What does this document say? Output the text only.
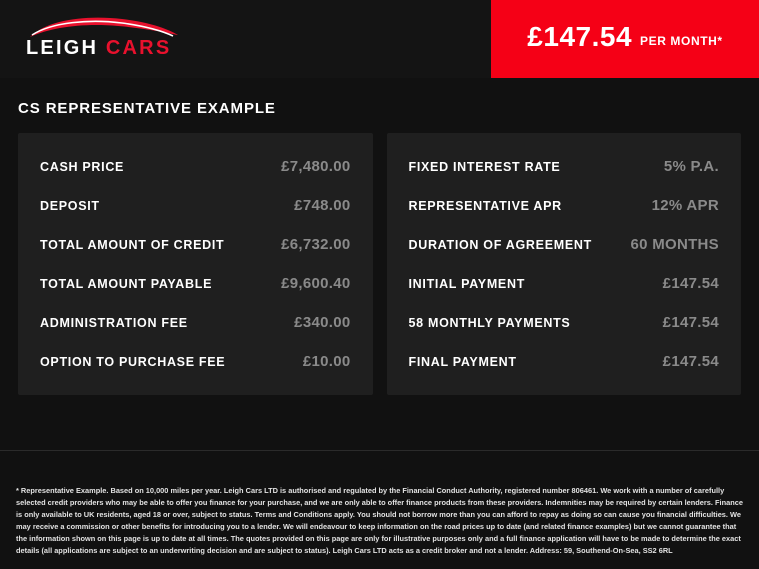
LEIGH CARS	£147.54 PER MONTH*
CS REPRESENTATIVE EXAMPLE
CASH PRICE	£7,480.00
DEPOSIT	£748.00
TOTAL AMOUNT OF CREDIT	£6,732.00
TOTAL AMOUNT PAYABLE	£9,600.40
ADMINISTRATION FEE	£340.00
OPTION TO PURCHASE FEE	£10.00
FIXED INTEREST RATE	5% P.A.
REPRESENTATIVE APR	12% APR
DURATION OF AGREEMENT	60 MONTHS
INITIAL PAYMENT	£147.54
58 MONTHLY PAYMENTS	£147.54
FINAL PAYMENT	£147.54
* Representative Example. Based on 10,000 miles per year. Leigh Cars LTD is authorised and regulated by the Financial Conduct Authority, registered number 806461. We work with a number of carefully selected credit providers who may be able to offer you finance for your purchase, and we are only able to offer finance products from these providers. Indemnities may be required by certain lenders. Finance is only available to UK residents, aged 18 or over, subject to status. Terms and Conditions apply. You should not borrow more than you can afford to repay as doing so can cause you financial difficulties. We may receive a commission or other benefits for introducing you to a lender. We will endeavour to keep information on the road prices up to date (and related finance examples) but we cannot guarantee that the information shown on this page is up to date at all times. The quotes provided on this page are only for illustrative purposes only and a full finance application will have to be made to determine the exact details (all applications are subject to an underwriting decision and are subject to status). Leigh Cars LTD acts as a credit broker and not a lender. Address: 59, Southend-On-Sea, SS2 6RL
